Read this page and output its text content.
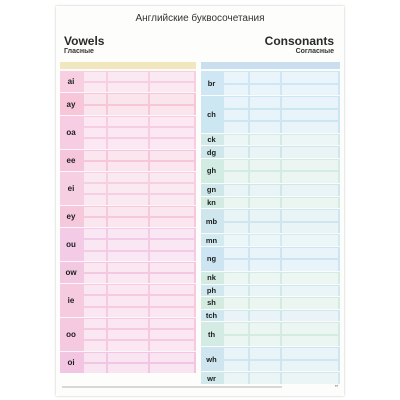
Английские буквосочетания
Vowels
Гласные
Consonants
Согласные
ai
ay
oa
ee
ei
ey
ou
ow
ie
oo
oi
br
ch
ck
dg
gh
gn
kn
mb
mn
ng
nk
ph
sh
tch
th
wh
wr
▪▪
